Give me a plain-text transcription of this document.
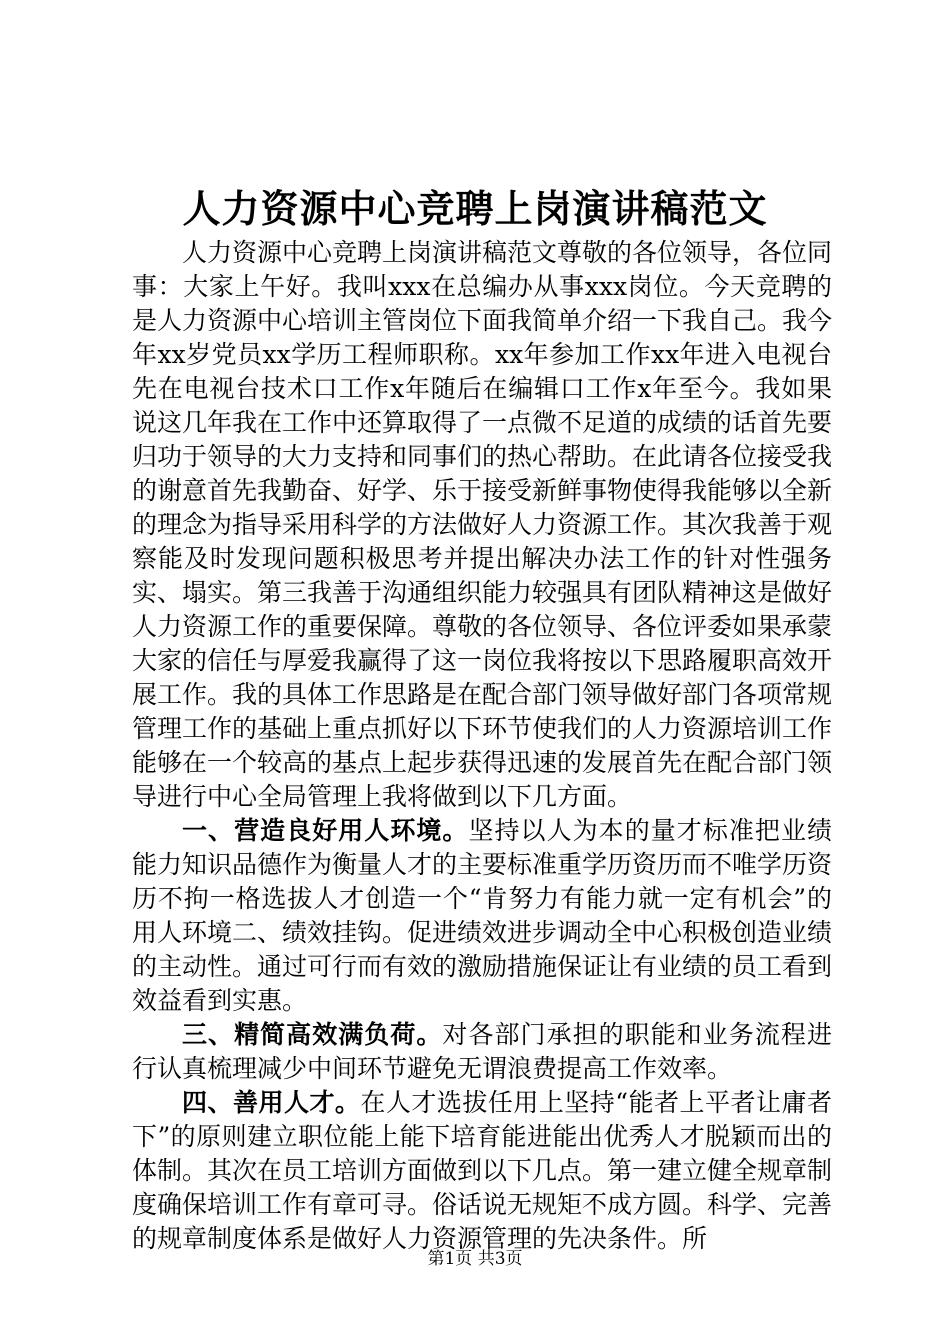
人力资源中心竞聘上岗演讲稿范文

人力资源中心竞聘上岗演讲稿范文尊敬的各位领导，各位同事：大家上午好。我叫xxx在总编办从事xxx岗位。今天竞聘的是人力资源中心培训主管岗位下面我简单介绍一下我自己。我今年xx岁党员xx学历工程师职称。xx年参加工作xx年进入电视台先在电视台技术口工作x年随后在编辑口工作x年至今。我如果说这几年我在工作中还算取得了一点微不足道的成绩的话首先要归功于领导的大力支持和同事们的热心帮助。在此请各位接受我的谢意首先我勤奋、好学、乐于接受新鲜事物使得我能够以全新的理念为指导采用科学的方法做好人力资源工作。其次我善于观察能及时发现问题积极思考并提出解决办法工作的针对性强务实、塌实。第三我善于沟通组织能力较强具有团队精神这是做好人力资源工作的重要保障。尊敬的各位领导、各位评委如果承蒙大家的信任与厚爱我赢得了这一岗位我将按以下思路履职高效开展工作。我的具体工作思路是在配合部门领导做好部门各项常规管理工作的基础上重点抓好以下环节使我们的人力资源培训工作能够在一个较高的基点上起步获得迅速的发展首先在配合部门领导进行中心全局管理上我将做到以下几方面。

一、营造良好用人环境。坚持以人为本的量才标准把业绩能力知识品德作为衡量人才的主要标准重学历资历而不唯学历资历不拘一格选拔人才创造一个“肯努力有能力就一定有机会”的用人环境二、绩效挂钩。促进绩效进步调动全中心积极创造业绩的主动性。通过可行而有效的激励措施保证让有业绩的员工看到效益看到实惠。

三、精简高效满负荷。对各部门承担的职能和业务流程进行认真梳理减少中间环节避免无谓浪费提高工作效率。

四、善用人才。在人才选拔任用上坚持“能者上平者让庸者下”的原则建立职位能上能下培育能进能出优秀人才脱颖而出的体制。其次在员工培训方面做到以下几点。第一建立健全规章制度确保培训工作有章可寻。俗话说无规矩不成方圆。科学、完善的规章制度体系是做好人力资源管理的先决条件。所

第1页 共3页
